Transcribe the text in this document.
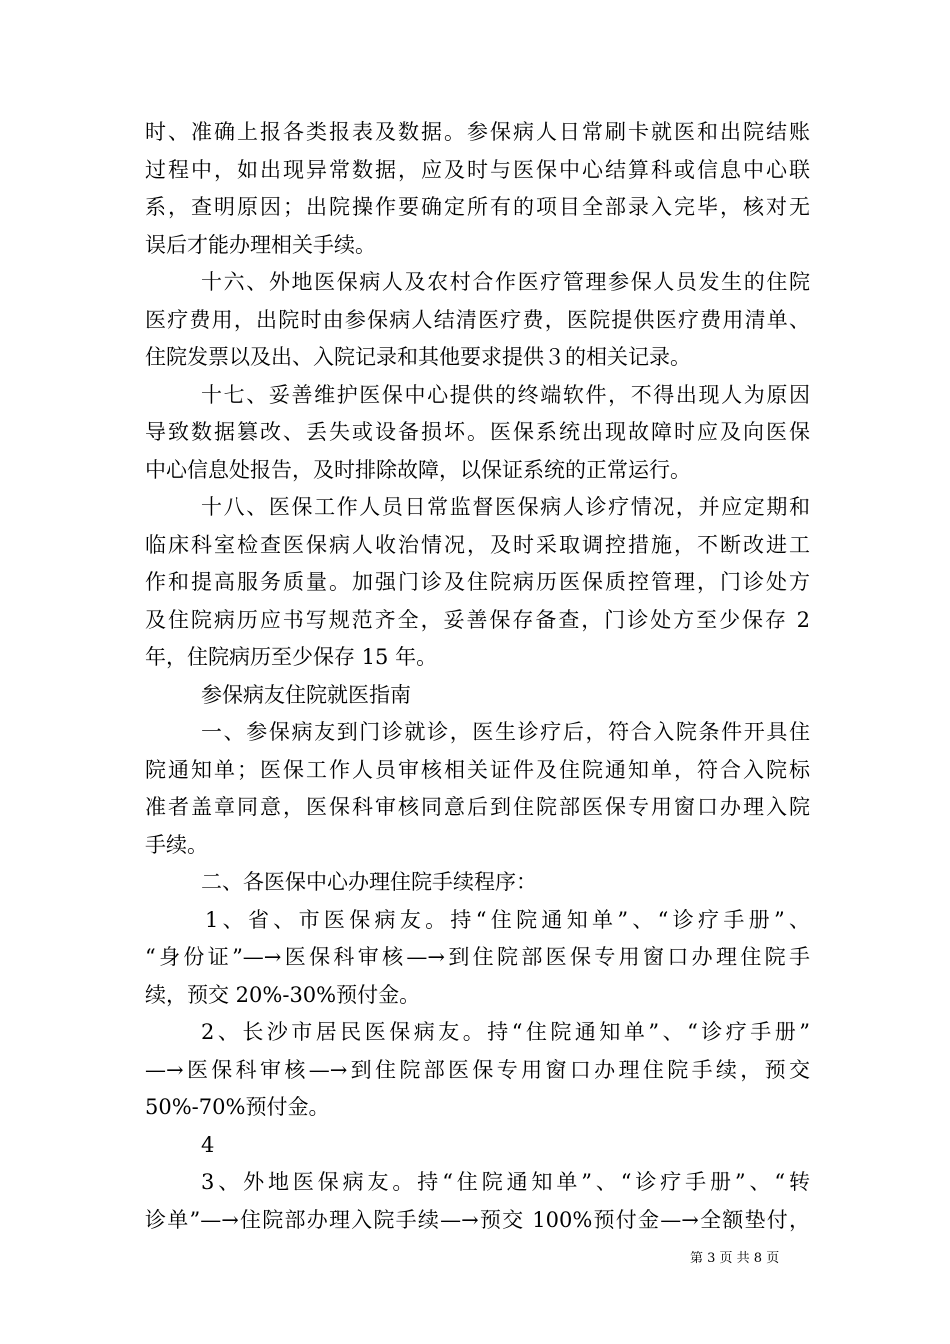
时、准确上报各类报表及数据。参保病人日常刷卡就医和出院结账
过程中，如出现异常数据，应及时与医保中心结算科或信息中心联
系，查明原因；出院操作要确定所有的项目全部录入完毕，核对无
误后才能办理相关手续。
十六、外地医保病人及农村合作医疗管理参保人员发生的住院
医疗费用，出院时由参保病人结清医疗费，医院提供医疗费用清单、
住院发票以及出、入院记录和其他要求提供３的相关记录。
十七、妥善维护医保中心提供的终端软件，不得出现人为原因
导致数据篡改、丢失或设备损坏。医保系统出现故障时应及向医保
中心信息处报告，及时排除故障，以保证系统的正常运行。
十八、医保工作人员日常监督医保病人诊疗情况，并应定期和
临床科室检查医保病人收治情况，及时采取调控措施，不断改进工
作和提高服务质量。加强门诊及住院病历医保质控管理，门诊处方
及住院病历应书写规范齐全，妥善保存备查，门诊处方至少保存 2
年，住院病历至少保存 15 年。
参保病友住院就医指南
一、参保病友到门诊就诊，医生诊疗后，符合入院条件开具住
院通知单；医保工作人员审核相关证件及住院通知单，符合入院标
准者盖章同意，医保科审核同意后到住院部医保专用窗口办理入院
手续。
二、各医保中心办理住院手续程序：
1、省、市医保病友。持“住院通知单”、“诊疗手册”、
“身份证”—→医保科审核—→到住院部医保专用窗口办理住院手
续，预交 20%-30%预付金。
2、长沙市居民医保病友。持“住院通知单”、“诊疗手册”
—→医保科审核—→到住院部医保专用窗口办理住院手续，预交
50%-70%预付金。
4
3、外地医保病友。持“住院通知单”、“诊疗手册”、“转
诊单”—→住院部办理入院手续—→预交 100%预付金—→全额垫付，
第 3 页 共 8 页
